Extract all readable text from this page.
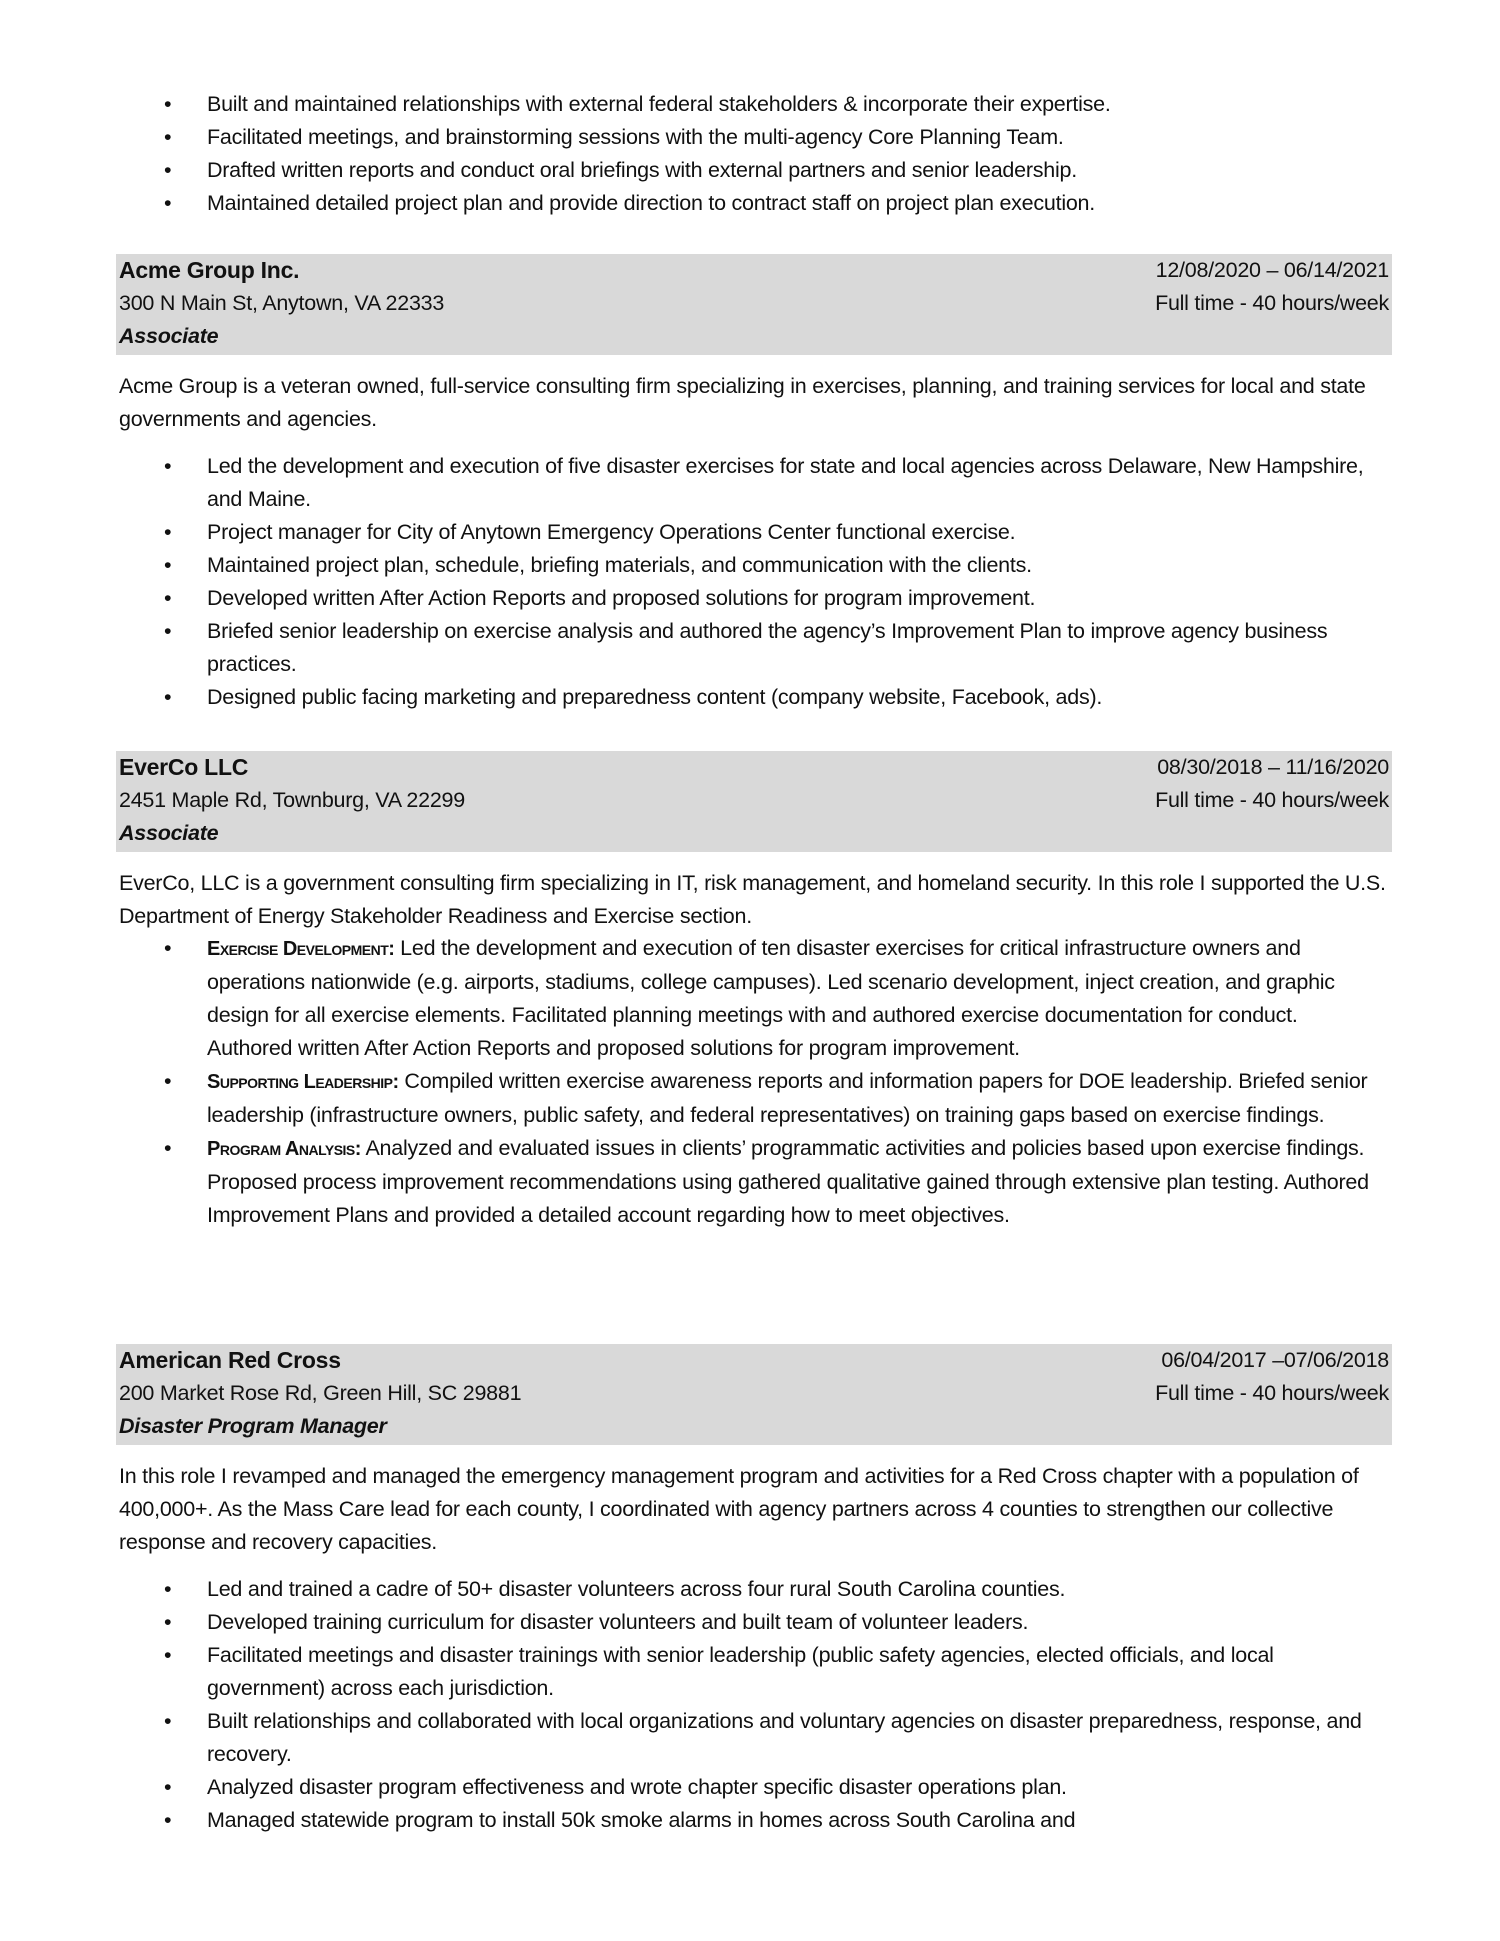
• Built and maintained relationships with external federal stakeholders & incorporate their expertise.
• Facilitated meetings, and brainstorming sessions with the multi-agency Core Planning Team.
• Drafted written reports and conduct oral briefings with external partners and senior leadership.
• Maintained detailed project plan and provide direction to contract staff on project plan execution.
Acme Group Inc.	12/08/2020 – 06/14/2021
300 N Main St, Anytown, VA 22333	Full time - 40 hours/week
Associate

Acme Group is a veteran owned, full-service consulting firm specializing in exercises, planning, and training services for local and state governments and agencies.

• Led the development and execution of five disaster exercises for state and local agencies across Delaware, New Hampshire, and Maine.
• Project manager for City of Anytown Emergency Operations Center functional exercise.
• Maintained project plan, schedule, briefing materials, and communication with the clients.
• Developed written After Action Reports and proposed solutions for program improvement.
• Briefed senior leadership on exercise analysis and authored the agency’s Improvement Plan to improve agency business practices.
• Designed public facing marketing and preparedness content (company website, Facebook, ads).
EverCo LLC	08/30/2018 – 11/16/2020
2451 Maple Rd, Townburg, VA 22299	Full time - 40 hours/week
Associate

EverCo, LLC is a government consulting firm specializing in IT, risk management, and homeland security. In this role I supported the U.S. Department of Energy Stakeholder Readiness and Exercise section.

• Exercise Development: Led the development and execution of ten disaster exercises for critical infrastructure owners and operations nationwide (e.g. airports, stadiums, college campuses). Led scenario development, inject creation, and graphic design for all exercise elements. Facilitated planning meetings with and authored exercise documentation for conduct. Authored written After Action Reports and proposed solutions for program improvement.
• Supporting Leadership: Compiled written exercise awareness reports and information papers for DOE leadership. Briefed senior leadership (infrastructure owners, public safety, and federal representatives) on training gaps based on exercise findings.
• Program Analysis: Analyzed and evaluated issues in clients’ programmatic activities and policies based upon exercise findings. Proposed process improvement recommendations using gathered qualitative gained through extensive plan testing. Authored Improvement Plans and provided a detailed account regarding how to meet objectives.
American Red Cross	06/04/2017 –07/06/2018
200 Market Rose Rd, Green Hill, SC 29881	Full time - 40 hours/week
Disaster Program Manager

In this role I revamped and managed the emergency management program and activities for a Red Cross chapter with a population of 400,000+. As the Mass Care lead for each county, I coordinated with agency partners across 4 counties to strengthen our collective response and recovery capacities.

• Led and trained a cadre of 50+ disaster volunteers across four rural South Carolina counties.
• Developed training curriculum for disaster volunteers and built team of volunteer leaders.
• Facilitated meetings and disaster trainings with senior leadership (public safety agencies, elected officials, and local government) across each jurisdiction.
• Built relationships and collaborated with local organizations and voluntary agencies on disaster preparedness, response, and recovery.
• Analyzed disaster program effectiveness and wrote chapter specific disaster operations plan.
• Managed statewide program to install 50k smoke alarms in homes across South Carolina and
